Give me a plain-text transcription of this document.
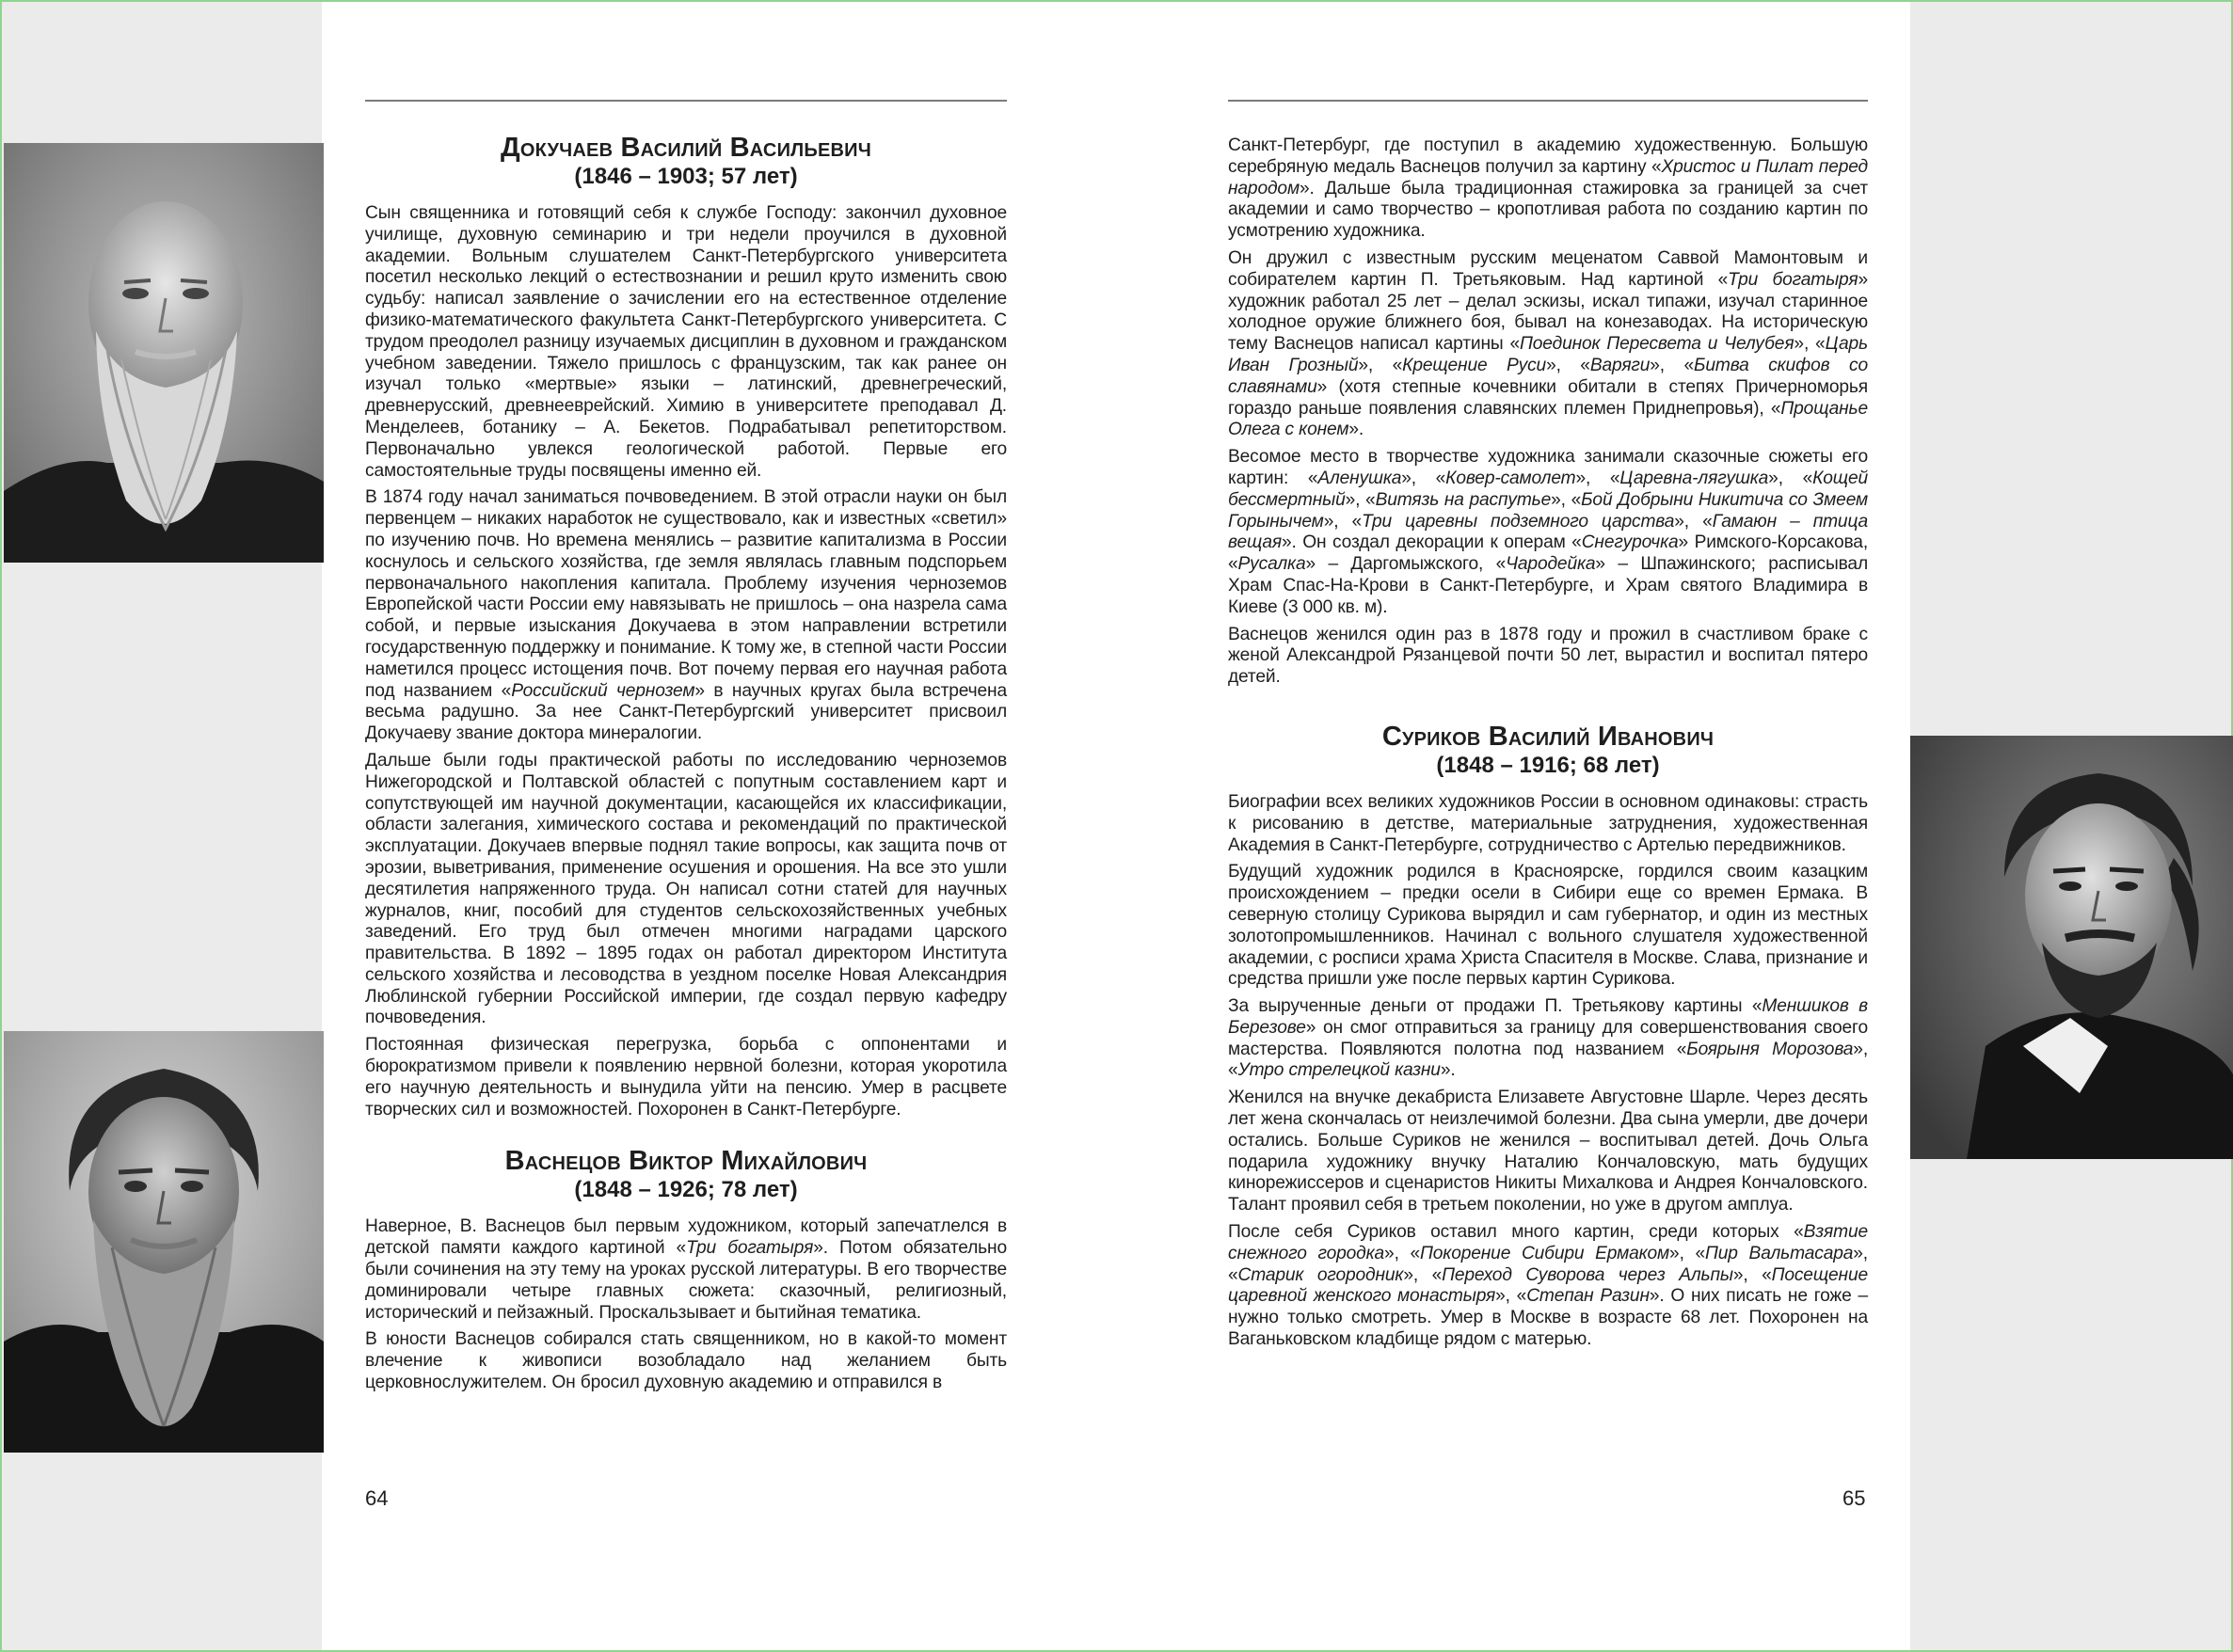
Докучаев Василий Васильевич
(1846 – 1903; 57 лет)

Сын священника и готовящий себя к службе Господу: закончил духовное училище, духовную семинарию и три недели проучился в духовной академии. Вольным слушателем Санкт-Петербургского университета посетил несколько лекций о естествознании и решил круто изменить свою судьбу: написал заявление о зачислении его на естественное отделение физико-математического факультета Санкт-Петербургского университета. С трудом преодолел разницу изучаемых дисциплин в духовном и гражданском учебном заведении. Тяжело пришлось с французским, так как ранее он изучал только «мертвые» языки – латинский, древнегреческий, древнерусский, древнееврейский. Химию в университете преподавал Д. Менделеев, ботанику – А. Бекетов. Подрабатывал репетиторством. Первоначально увлекся геологической работой. Первые его самостоятельные труды посвящены именно ей.

В 1874 году начал заниматься почвоведением. В этой отрасли науки он был первенцем – никаких наработок не существовало, как и известных «светил» по изучению почв. Но времена менялись – развитие капитализма в России коснулось и сельского хозяйства, где земля являлась главным подспорьем первоначального накопления капитала. Проблему изучения черноземов Европейской части России ему навязывать не пришлось – она назрела сама собой, и первые изыскания Докучаева в этом направлении встретили государственную поддержку и понимание. К тому же, в степной части России наметился процесс истощения почв. Вот почему первая его научная работа под названием «Российский чернозем» в научных кругах была встречена весьма радушно. За нее Санкт-Петербургский университет присвоил Докучаеву звание доктора минералогии.

Дальше были годы практической работы по исследованию черноземов Нижегородской и Полтавской областей с попутным составлением карт и сопутствующей им научной документации, касающейся их классификации, области залегания, химического состава и рекомендаций по практической эксплуатации. Докучаев впервые поднял такие вопросы, как защита почв от эрозии, выветривания, применение осушения и орошения. На все это ушли десятилетия напряженного труда. Он написал сотни статей для научных журналов, книг, пособий для студентов сельскохозяйственных учебных заведений. Его труд был отмечен многими наградами царского правительства. В 1892 – 1895 годах он работал директором Института сельского хозяйства и лесоводства в уездном поселке Новая Александрия Люблинской губернии Российской империи, где создал первую кафедру почвоведения.

Постоянная физическая перегрузка, борьба с оппонентами и бюрократизмом привели к появлению нервной болезни, которая укоротила его научную деятельность и вынудила уйти на пенсию. Умер в расцвете творческих сил и возможностей. Похоронен в Санкт-Петербурге.

Васнецов Виктор Михайлович
(1848 – 1926; 78 лет)

Наверное, В. Васнецов был первым художником, который запечатлелся в детской памяти каждого картиной «Три богатыря». Потом обязательно были сочинения на эту тему на уроках русской литературы. В его творчестве доминировали четыре главных сюжета: сказочный, религиозный, исторический и пейзажный. Проскальзывает и бытийная тематика.

В юности Васнецов собирался стать священником, но в какой-то момент влечение к живописи возобладало над желанием быть церковнослужителем. Он бросил духовную академию и отправился в

Санкт-Петербург, где поступил в академию художественную. Большую серебряную медаль Васнецов получил за картину «Христос и Пилат перед народом». Дальше была традиционная стажировка за границей за счет академии и само творчество – кропотливая работа по созданию картин по усмотрению художника.

Он дружил с известным русским меценатом Саввой Мамонтовым и собирателем картин П. Третьяковым. Над картиной «Три богатыря» художник работал 25 лет – делал эскизы, искал типажи, изучал старинное холодное оружие ближнего боя, бывал на конезаводах. На историческую тему Васнецов написал картины «Поединок Пересвета и Челубея», «Царь Иван Грозный», «Крещение Руси», «Варяги», «Битва скифов со славянами» (хотя степные кочевники обитали в степях Причерноморья гораздо раньше появления славянских племен Приднепровья), «Прощанье Олега с конем».

Весомое место в творчестве художника занимали сказочные сюжеты его картин: «Аленушка», «Ковер-самолет», «Царевна-лягушка», «Кощей бессмертный», «Витязь на распутье», «Бой Добрыни Никитича со Змеем Горынычем», «Три царевны подземного царства», «Гамаюн – птица вещая». Он создал декорации к операм «Снегурочка» Римского-Корсакова, «Русалка» – Даргомыжского, «Чародейка» – Шпажинского; расписывал Храм Спас-На-Крови в Санкт-Петербурге, и Храм святого Владимира в Киеве (3 000 кв. м).

Васнецов женился один раз в 1878 году и прожил в счастливом браке с женой Александрой Рязанцевой почти 50 лет, вырастил и воспитал пятеро детей.

Суриков Василий Иванович
(1848 – 1916; 68 лет)

Биографии всех великих художников России в основном одинаковы: страсть к рисованию в детстве, материальные затруднения, художественная Академия в Санкт-Петербурге, сотрудничество с Артелью передвижников.

Будущий художник родился в Красноярске, гордился своим казацким происхождением – предки осели в Сибири еще со времен Ермака. В северную столицу Сурикова вырядил и сам губернатор, и один из местных золотопромышленников. Начинал с вольного слушателя художественной академии, с росписи храма Христа Спасителя в Москве. Слава, признание и средства пришли уже после первых картин Сурикова.

За вырученные деньги от продажи П. Третьякову картины «Меншиков в Березове» он смог отправиться за границу для совершенствования своего мастерства. Появляются полотна под названием «Боярыня Морозова», «Утро стрелецкой казни».

Женился на внучке декабриста Елизавете Августовне Шарле. Через десять лет жена скончалась от неизлечимой болезни. Два сына умерли, две дочери остались. Больше Суриков не женился – воспитывал детей. Дочь Ольга подарила художнику внучку Наталию Кончаловскую, мать будущих кинорежиссеров и сценаристов Никиты Михалкова и Андрея Кончаловского. Талант проявил себя в третьем поколении, но уже в другом амплуа.

После себя Суриков оставил много картин, среди которых «Взятие снежного городка», «Покорение Сибири Ермаком», «Пир Вальтасара», «Старик огородник», «Переход Суворова через Альпы», «Посещение царевной женского монастыря», «Степан Разин». О них писать не гоже – нужно только смотреть. Умер в Москве в возрасте 68 лет. Похоронен на Ваганьковском кладбище рядом с матерью.

64	65
